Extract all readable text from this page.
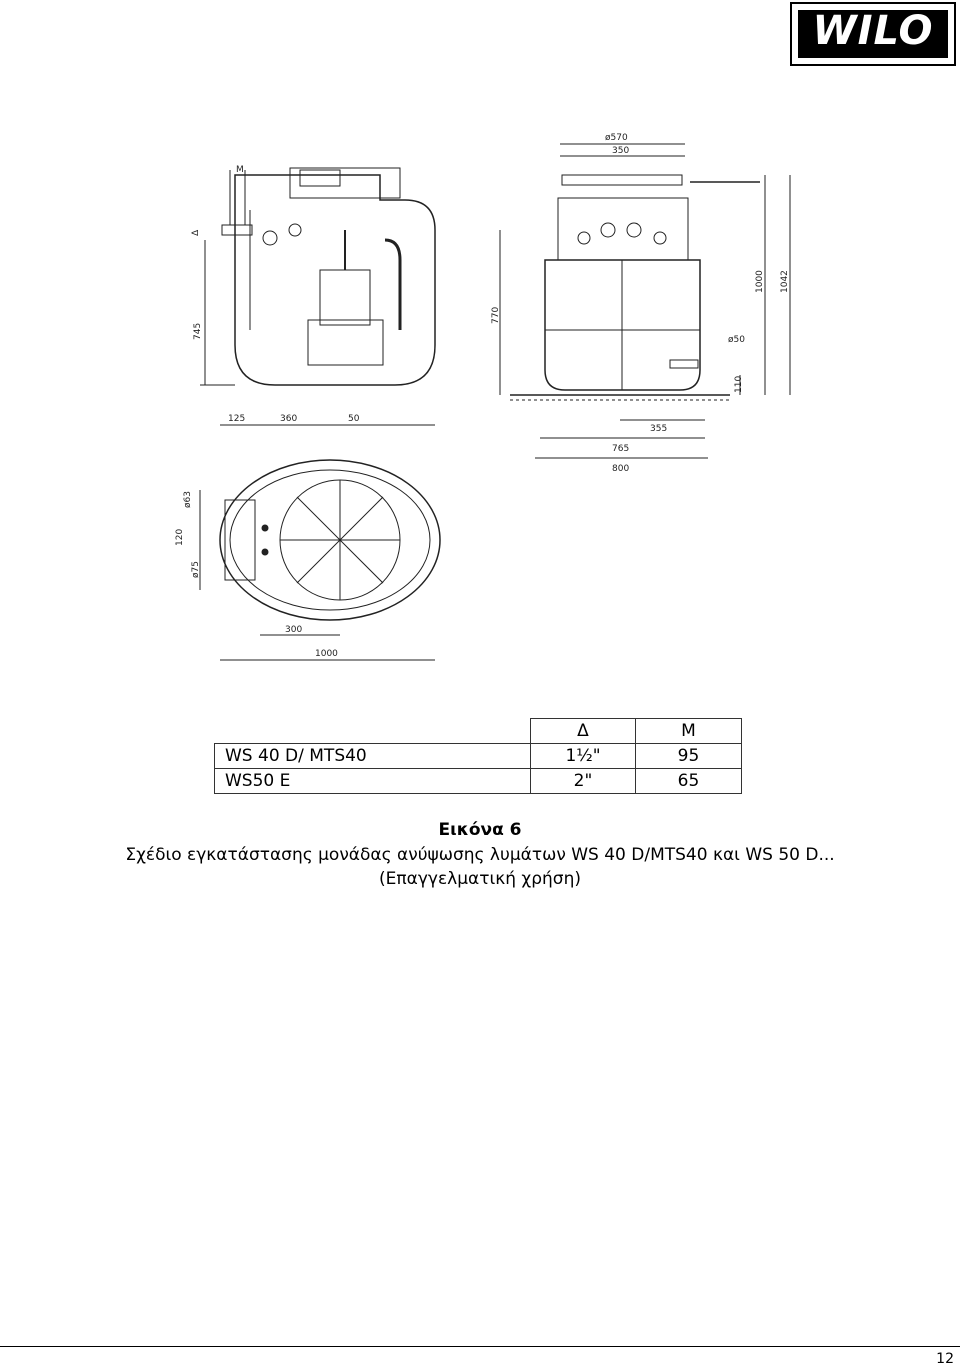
WILO
M
Δ
745
ø570
350
770
1000 1042
ø50
110
355
765
800
125	360	50
ø63
120
ø75
300
1000
	Δ	M
WS 40 D/ MTS40	1½"	95
WS50 E	2"	65
Εικόνα 6
Σχέδιο εγκατάστασης μονάδας ανύψωσης λυμάτων WS 40 D/MTS40 και WS 50 D...
(Επαγγελματική χρήση)
12
